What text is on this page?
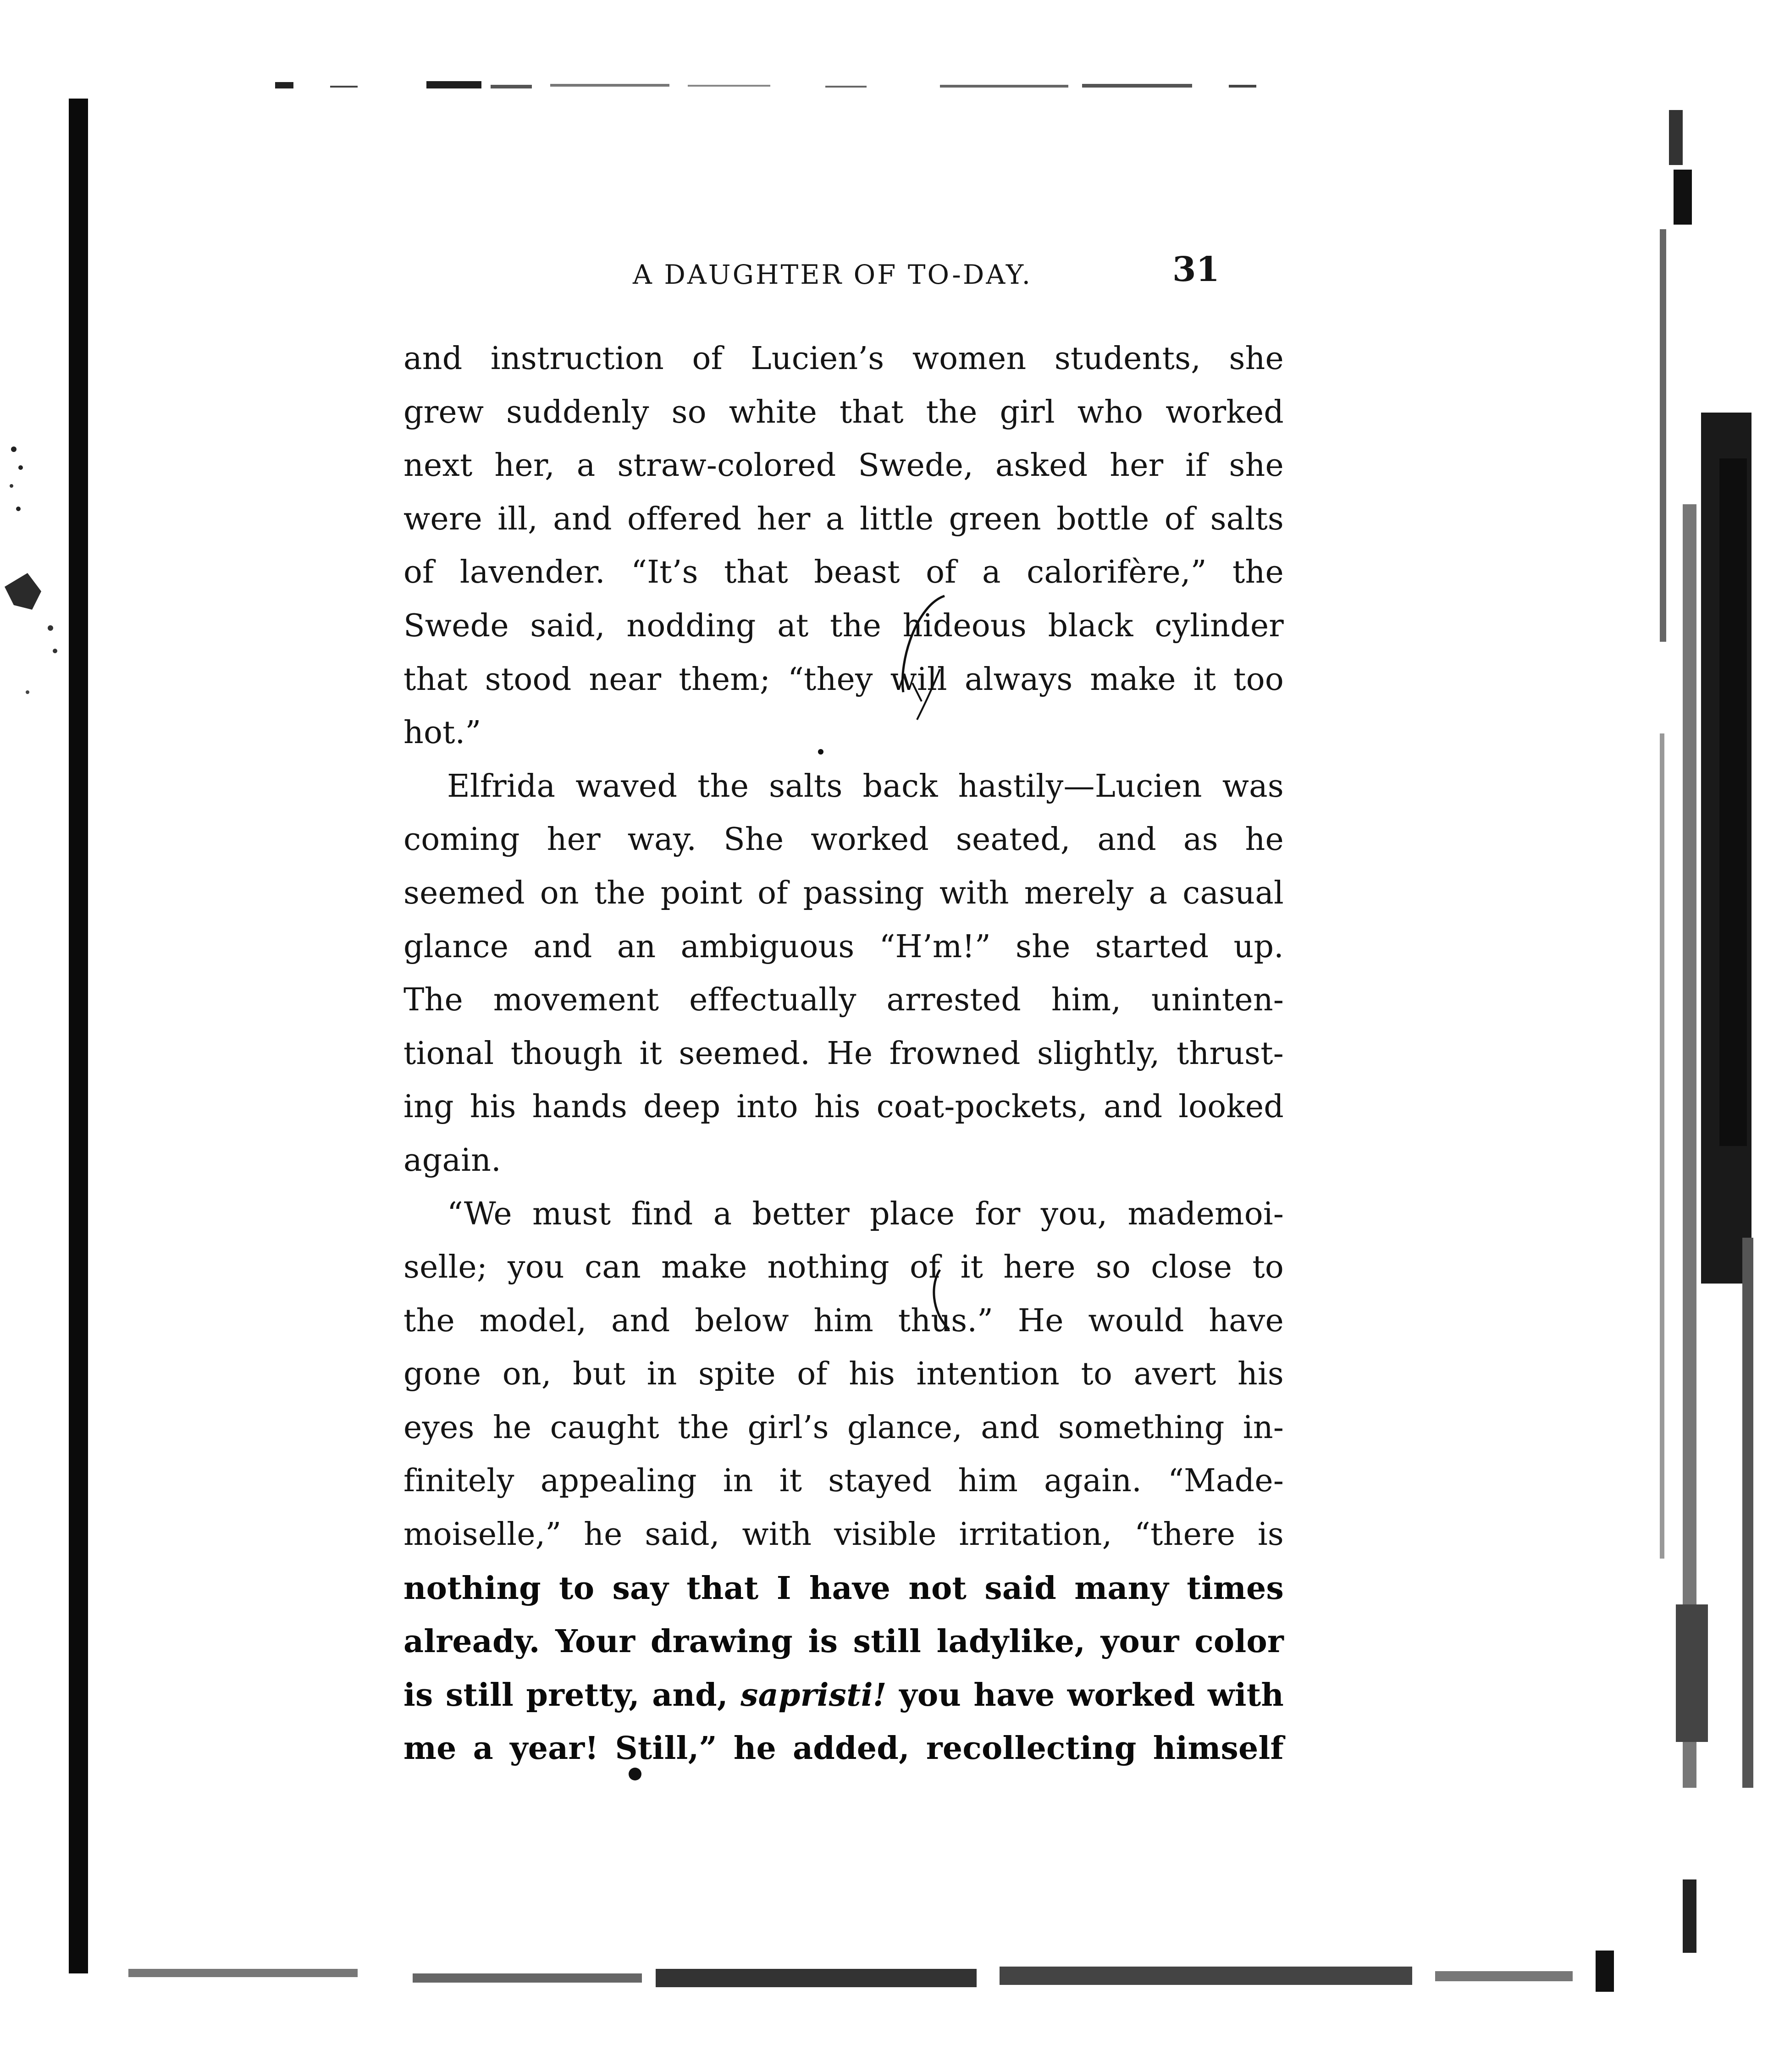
A DAUGHTER OF TO-DAY.	31
and instruction of Lucien’s women students, she
grew suddenly so white that the girl who worked
next her, a straw-colored Swede, asked her if she
were ill, and offered her a little green bottle of salts
of lavender. “It’s that beast of a calorifère,” the
Swede said, nodding at the hideous black cylinder
that stood near them; “they will always make it too
hot.”
Elfrida waved the salts back hastily—Lucien was
coming her way. She worked seated, and as he
seemed on the point of passing with merely a casual
glance and an ambiguous “H’m!” she started up.
The movement effectually arrested him, uninten-
tional though it seemed. He frowned slightly, thrust-
ing his hands deep into his coat-pockets, and looked
again.
“We must find a better place for you, mademoi-
selle; you can make nothing of it here so close to
the model, and below him thus.” He would have
gone on, but in spite of his intention to avert his
eyes he caught the girl’s glance, and something in-
finitely appealing in it stayed him again. “Made-
moiselle,” he said, with visible irritation, “there is
nothing to say that I have not said many times
already. Your drawing is still ladylike, your color
is still pretty, and, sapristi! you have worked with
me a year! Still,” he added, recollecting himself
